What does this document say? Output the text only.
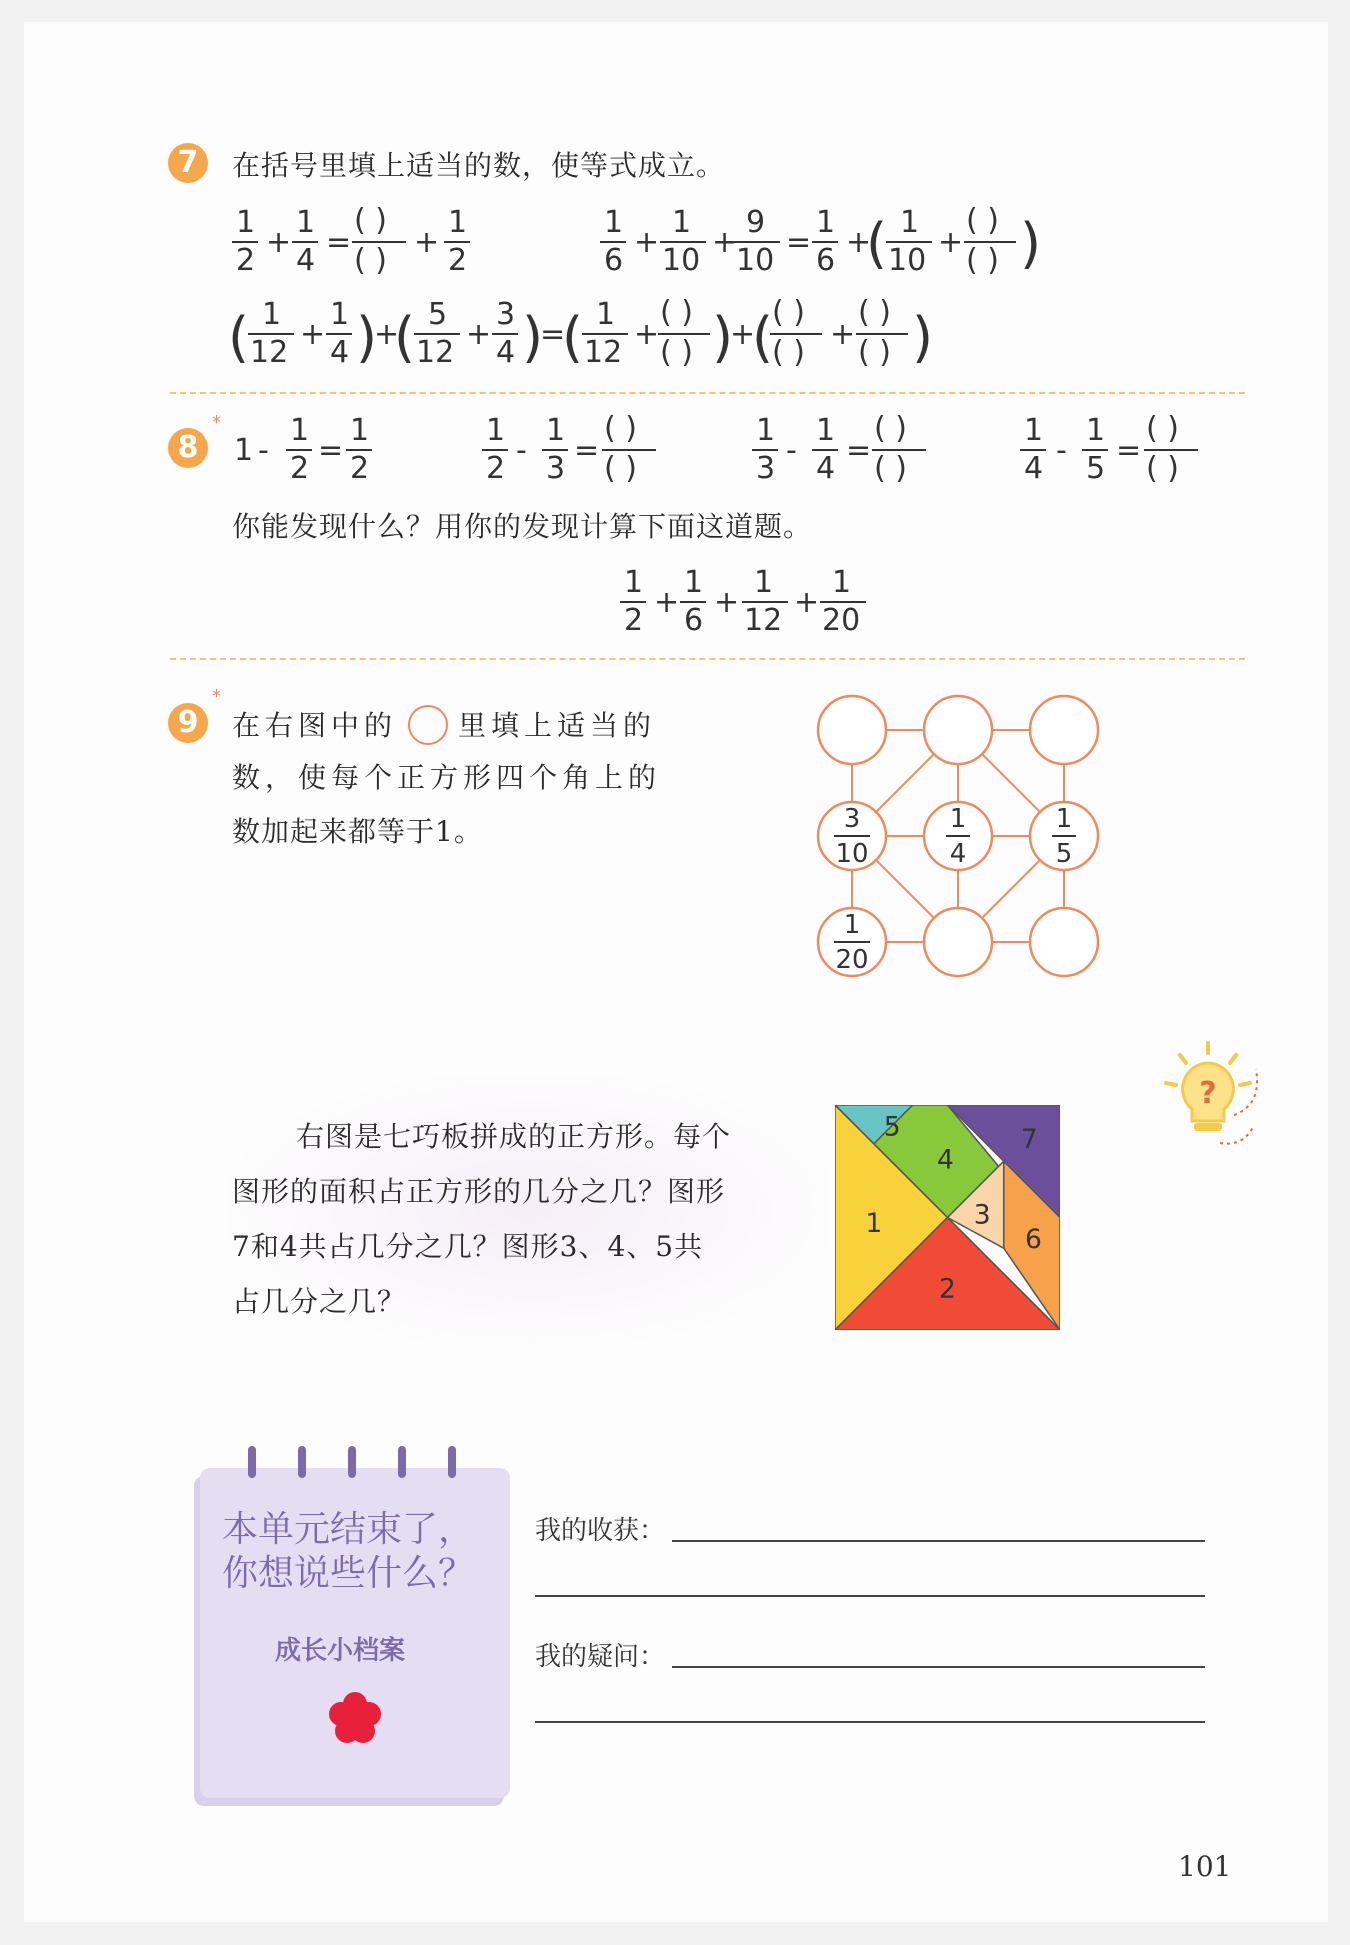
7	在括号里填上适当的数，使等式成立。
1
2
+
1
4
=
( )
( )
+
1
2
1
6
+
1
10
+
9
10
=
1
6
+
( 1
10
+
( )
( ) )
( 1
12
+
1
4 )
+
( 5
12
+
3
4 )
=
( 1
12
+
( )
( ) )
+
(
( )
( )
+
( )
( ) )
8
*
1 -
1
2
=
1
2
1
2
-
1
3
=
( )
( )
1
3
-
1
4
=
( )
( )
1
4
-
1
5
=
( )
( )
1
2
+
1
6
+
1
12
+
1
20
你能发现什么？用你的发现计算下面这道题。
9
*
在右图中的 里填上适当的
数，使每个正方形四个角上的
数加起来都等于1。	3
10
1
4
1
5
1
20
右图是七巧板拼成的正方形。每个
图形的面积占正方形的几分之几？图形
7和4共占几分之几？图形3、4、5共
占几分之几？
5
4
7
1	3
6
2
?
本单元结束了，你想说些什么？
成长小档案
我的收获：
我的疑问：
101
